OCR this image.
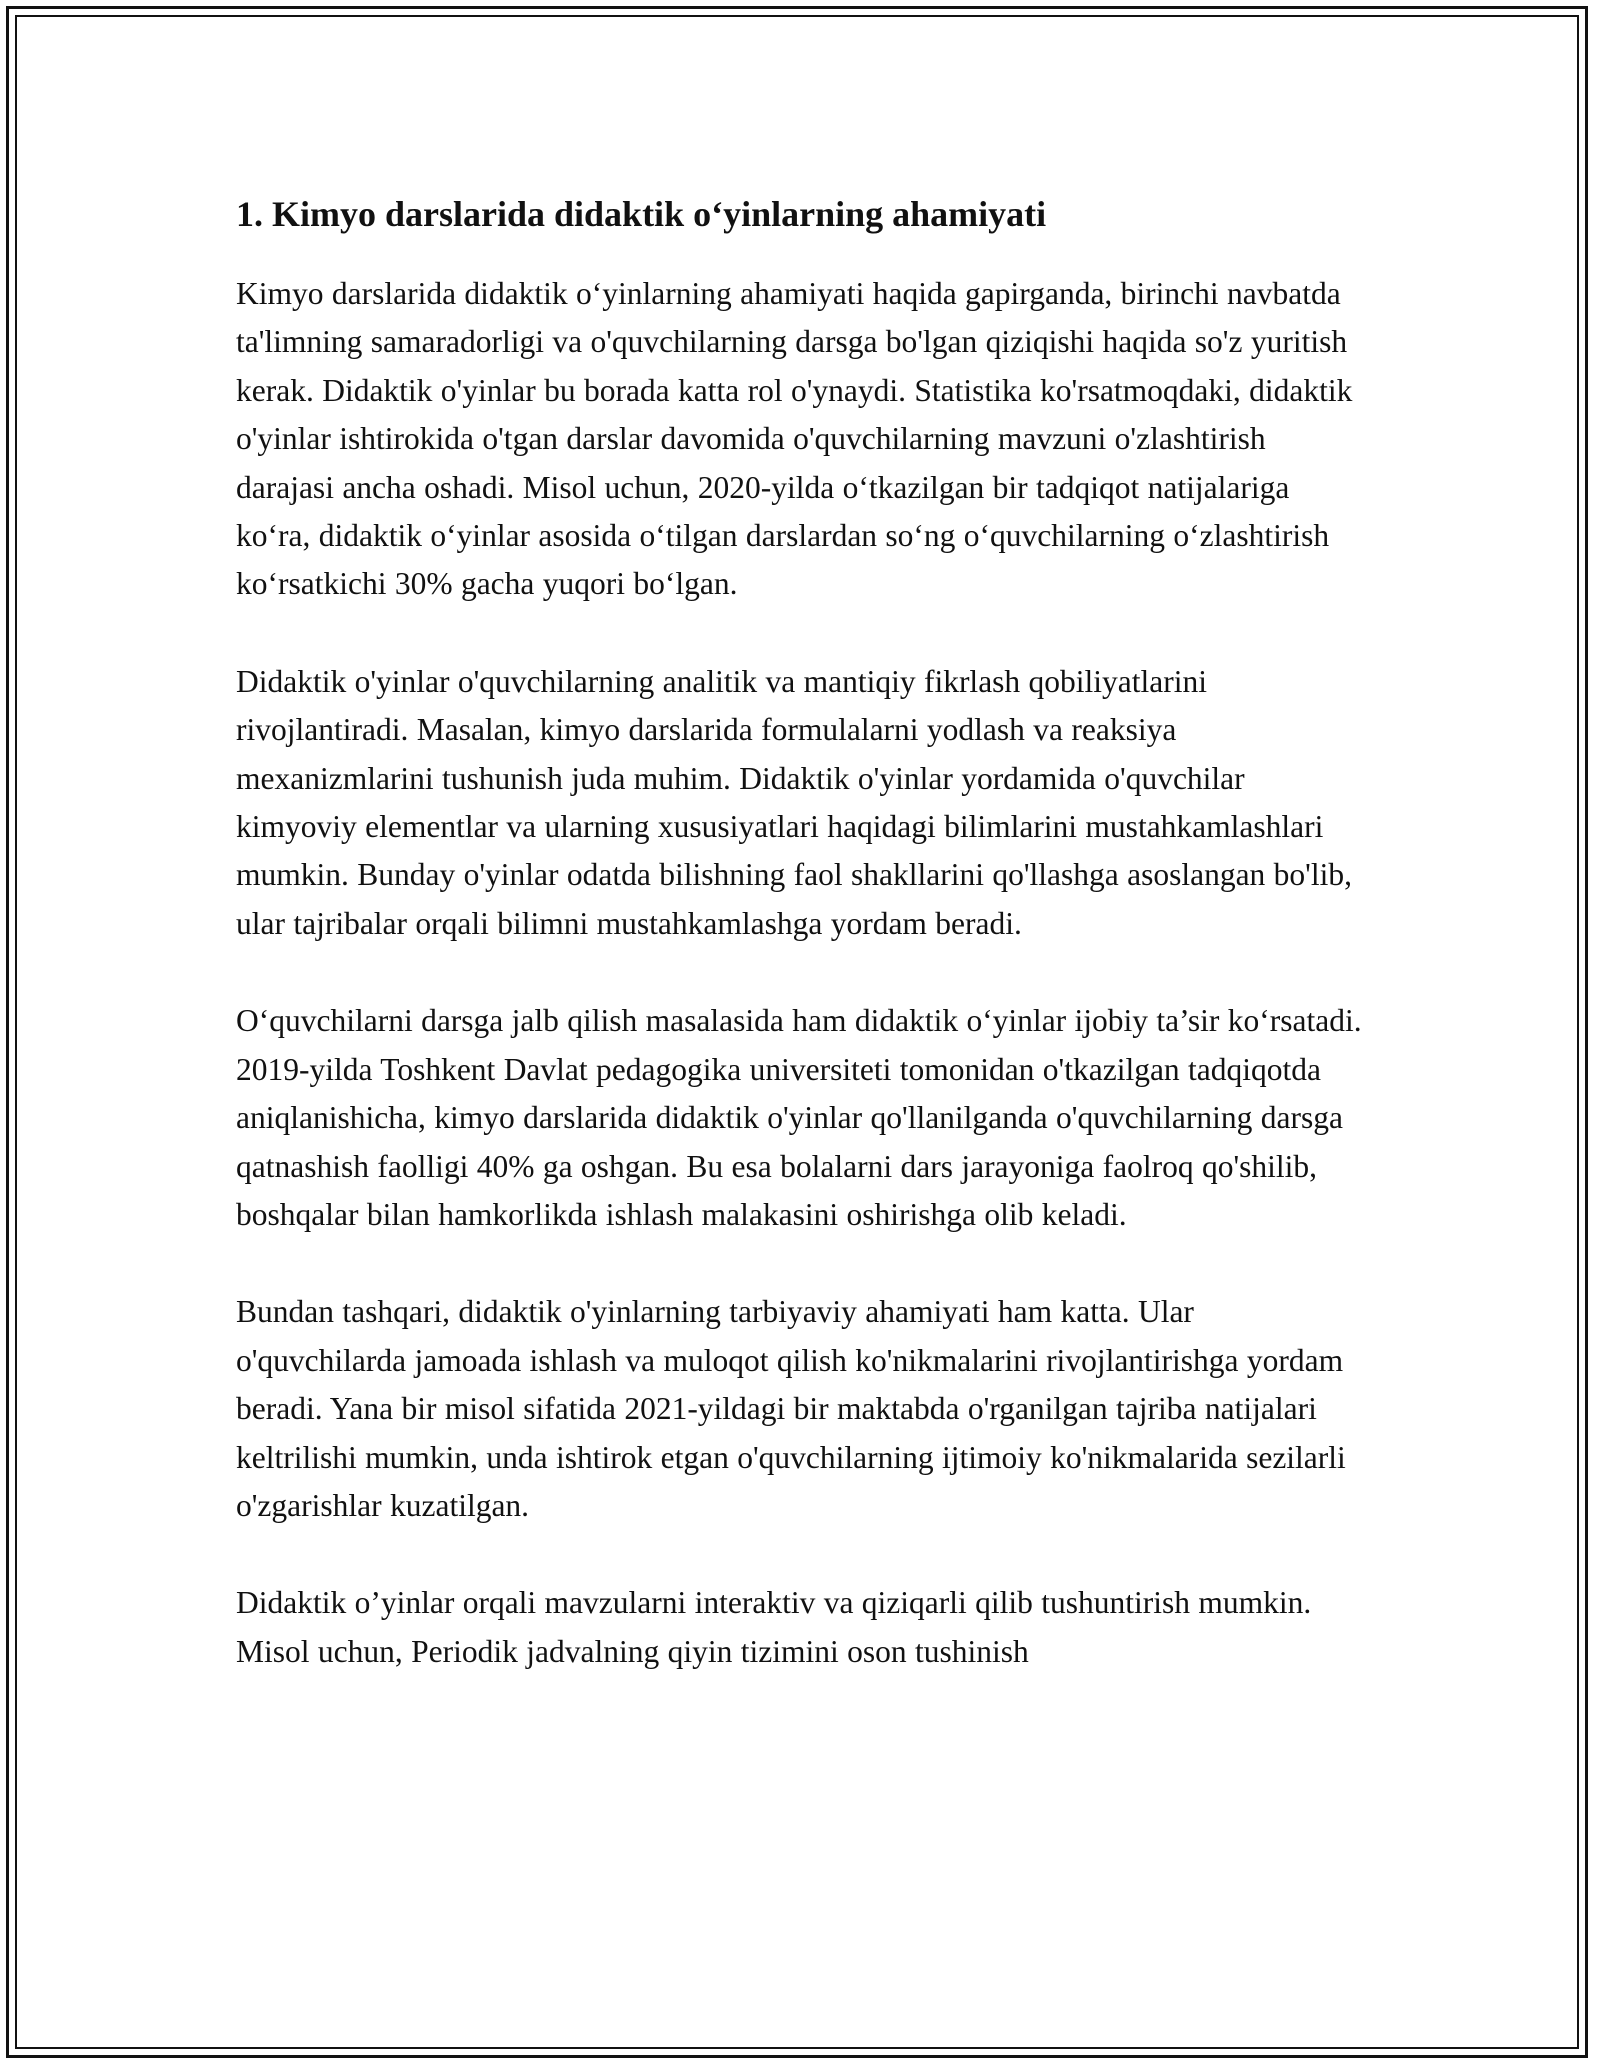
1. Kimyo darslarida didaktik o‘yinlarning ahamiyati

Kimyo darslarida didaktik o‘yinlarning ahamiyati haqida gapirganda, birinchi navbatda ta'limning samaradorligi va o'quvchilarning darsga bo'lgan qiziqishi haqida so'z yuritish kerak. Didaktik o'yinlar bu borada katta rol o'ynaydi. Statistika ko'rsatmoqdaki, didaktik o'yinlar ishtirokida o'tgan darslar davomida o'quvchilarning mavzuni o'zlashtirish darajasi ancha oshadi. Misol uchun, 2020-yilda o‘tkazilgan bir tadqiqot natijalariga ko‘ra, didaktik o‘yinlar asosida o‘tilgan darslardan so‘ng o‘quvchilarning o‘zlashtirish ko‘rsatkichi 30% gacha yuqori bo‘lgan.

Didaktik o'yinlar o'quvchilarning analitik va mantiqiy fikrlash qobiliyatlarini rivojlantiradi. Masalan, kimyo darslarida formulalarni yodlash va reaksiya mexanizmlarini tushunish juda muhim. Didaktik o'yinlar yordamida o'quvchilar kimyoviy elementlar va ularning xususiyatlari haqidagi bilimlarini mustahkamlashlari mumkin. Bunday o'yinlar odatda bilishning faol shakllarini qo'llashga asoslangan bo'lib, ular tajribalar orqali bilimni mustahkamlashga yordam beradi.

O‘quvchilarni darsga jalb qilish masalasida ham didaktik o‘yinlar ijobiy ta’sir ko‘rsatadi. 2019-yilda Toshkent Davlat pedagogika universiteti tomonidan o'tkazilgan tadqiqotda aniqlanishicha, kimyo darslarida didaktik o'yinlar qo'llanilganda o'quvchilarning darsga qatnashish faolligi 40% ga oshgan. Bu esa bolalarni dars jarayoniga faolroq qo'shilib, boshqalar bilan hamkorlikda ishlash malakasini oshirishga olib keladi.

Bundan tashqari, didaktik o'yinlarning tarbiyaviy ahamiyati ham katta. Ular o'quvchilarda jamoada ishlash va muloqot qilish ko'nikmalarini rivojlantirishga yordam beradi. Yana bir misol sifatida 2021-yildagi bir maktabda o'rganilgan tajriba natijalari keltrilishi mumkin, unda ishtirok etgan o'quvchilarning ijtimoiy ko'nikmalarida sezilarli o'zgarishlar kuzatilgan.

Didaktik o’yinlar orqali mavzularni interaktiv va qiziqarli qilib tushuntirish mumkin. Misol uchun, Periodik jadvalning qiyin tizimini oson tushinish
